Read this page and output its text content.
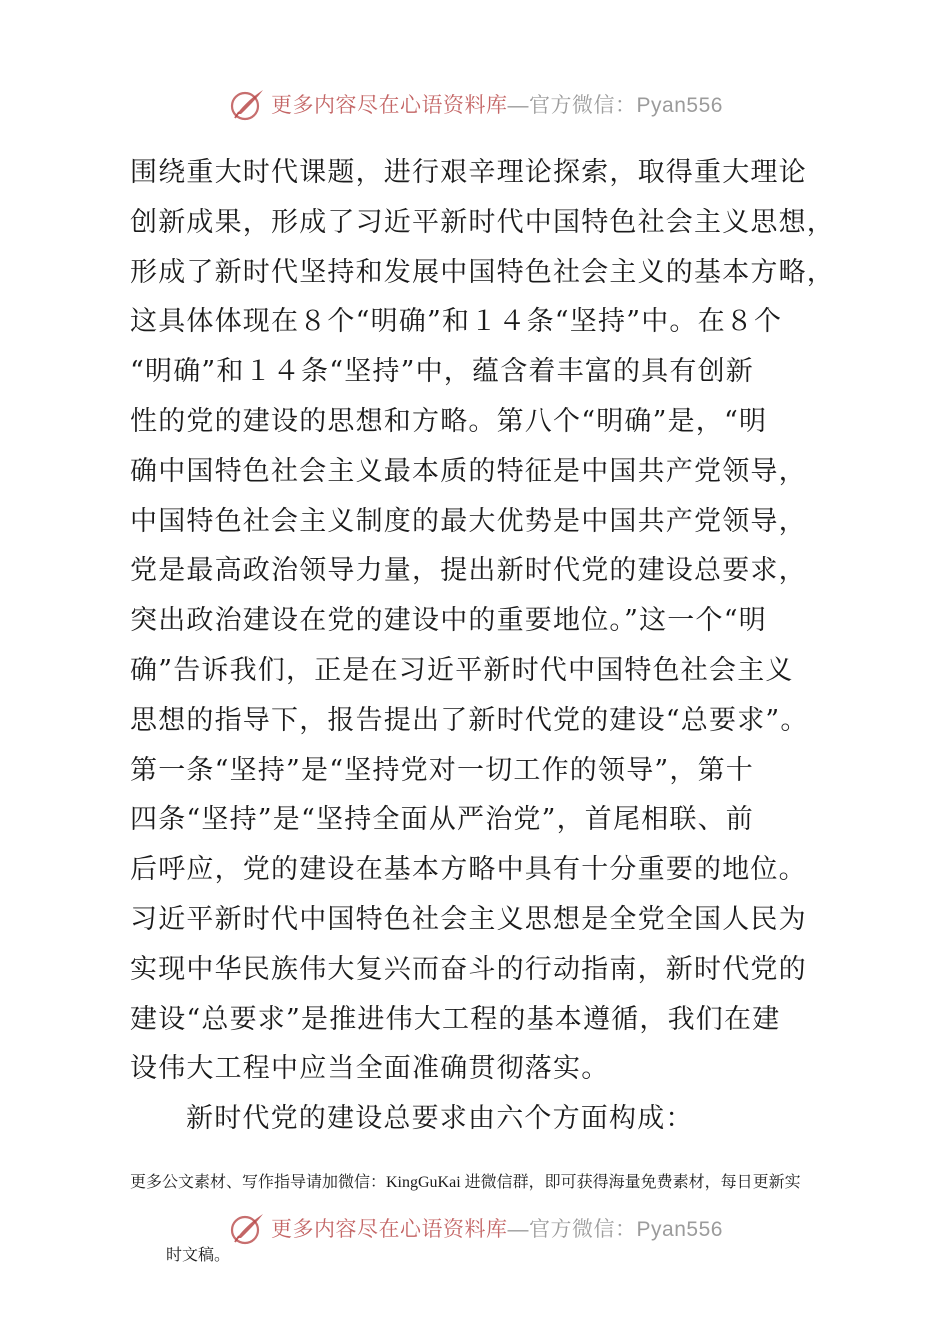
更多内容尽在心语资料库—官方微信：Pyan556
围绕重大时代课题，进行艰辛理论探索，取得重大理论
创新成果，形成了习近平新时代中国特色社会主义思想，
形成了新时代坚持和发展中国特色社会主义的基本方略，
这具体体现在８个“明确”和１４条“坚持”中。在８个
“明确”和１４条“坚持”中，蕴含着丰富的具有创新
性的党的建设的思想和方略。第八个“明确”是，“明
确中国特色社会主义最本质的特征是中国共产党领导，
中国特色社会主义制度的最大优势是中国共产党领导，
党是最高政治领导力量，提出新时代党的建设总要求，
突出政治建设在党的建设中的重要地位。”这一个“明
确”告诉我们，正是在习近平新时代中国特色社会主义
思想的指导下，报告提出了新时代党的建设“总要求”。
第一条“坚持”是“坚持党对一切工作的领导”，第十
四条“坚持”是“坚持全面从严治党”，首尾相联、前
后呼应，党的建设在基本方略中具有十分重要的地位。
习近平新时代中国特色社会主义思想是全党全国人民为
实现中华民族伟大复兴而奋斗的行动指南，新时代党的
建设“总要求”是推进伟大工程的基本遵循，我们在建
设伟大工程中应当全面准确贯彻落实。
新时代党的建设总要求由六个方面构成：
更多公文素材、写作指导请加微信：KingGuKai 进微信群，即可获得海量免费素材，每日更新实
更多内容尽在心语资料库—官方微信：Pyan556
时文稿。
